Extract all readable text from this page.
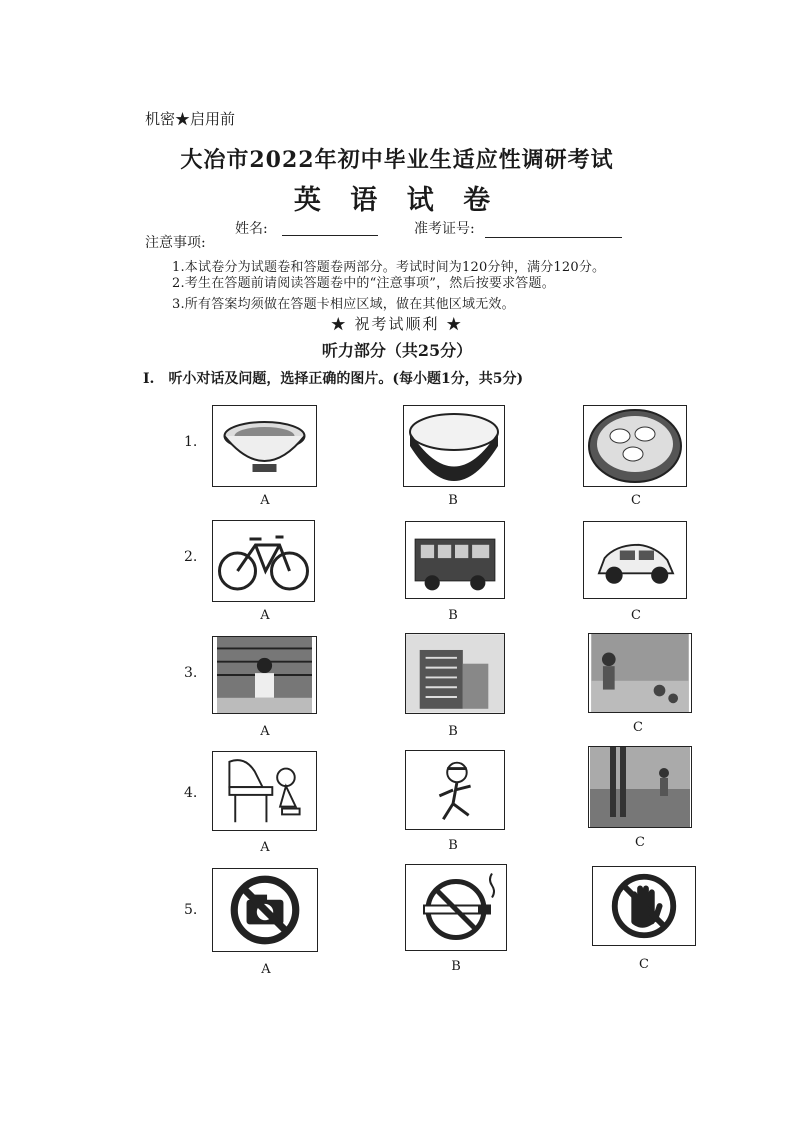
机密★启用前
大冶市2022年初中毕业生适应性调研考试
英 语 试 卷
姓名:	准考证号:
注意事项:
1.本试卷分为试题卷和答题卷两部分。考试时间为120分钟，满分120分。
2.考生在答题前请阅读答题卷中的“注意事项”，然后按要求答题。
3.所有答案均须做在答题卡相应区域，做在其他区域无效。
★ 祝考试顺利 ★
听力部分（共25分）
I. 听小对话及问题，选择正确的图片。(每小题1分，共5分)
1.
A	B	C
2.
A	B	C
3.
A	B	C
4.
A	B	C
5.
A	B	C
